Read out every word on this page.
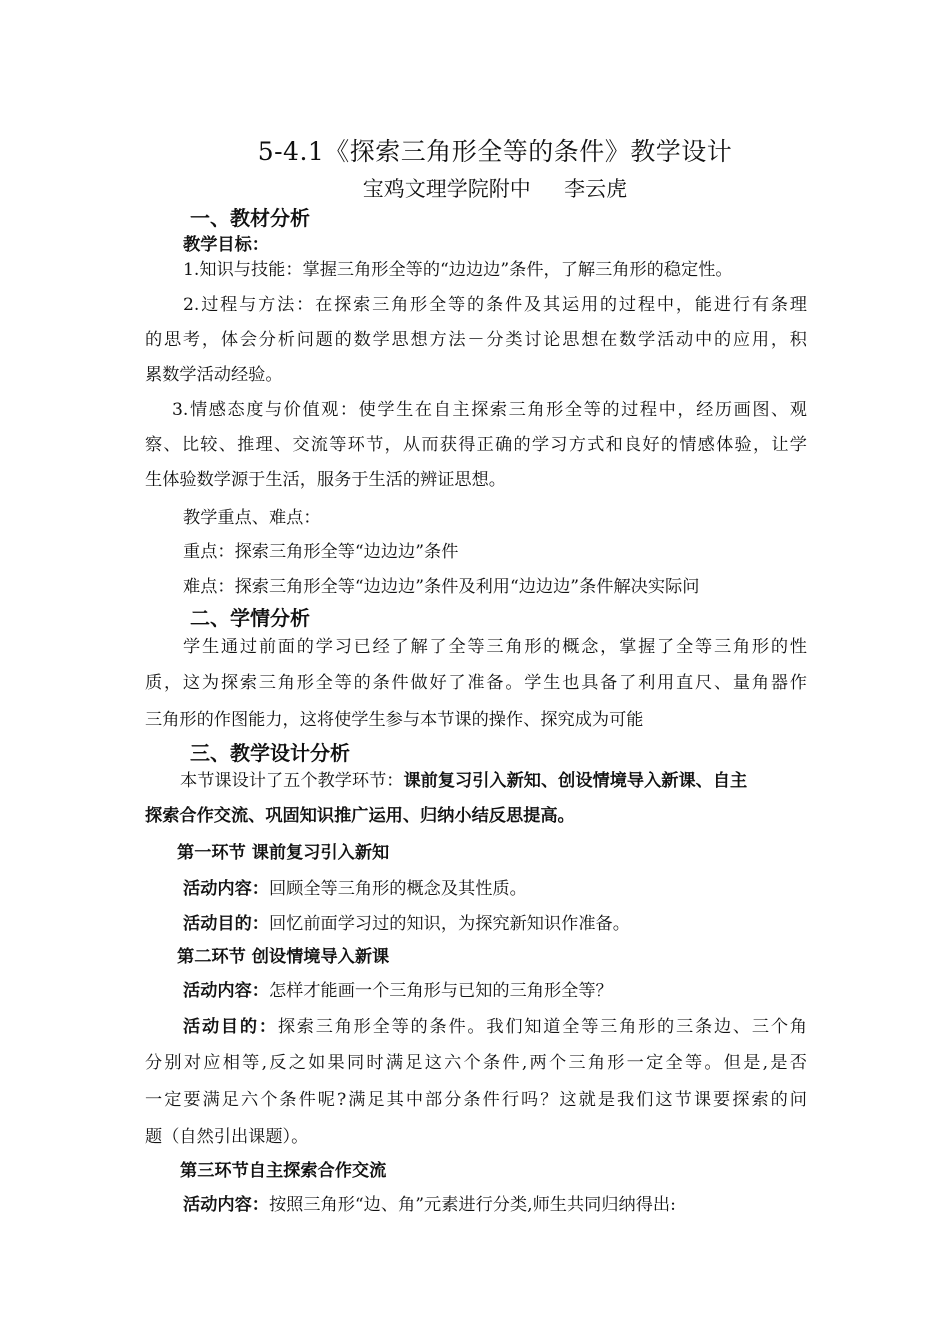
5-4.1《探索三角形全等的条件》教学设计
宝鸡文理学院附中     李云虎
一、教材分析
教学目标：
1.知识与技能：掌握三角形全等的“边边边”条件，了解三角形的稳定性。
2.过程与方法：在探索三角形全等的条件及其运用的过程中，能进行有条理
的思考，体会分析问题的数学思想方法－分类讨论思想在数学活动中的应用，积
累数学活动经验。
3.情感态度与价值观：使学生在自主探索三角形全等的过程中，经历画图、观
察、比较、推理、交流等环节，从而获得正确的学习方式和良好的情感体验，让学
生体验数学源于生活，服务于生活的辨证思想。
教学重点、难点：
重点：探索三角形全等“边边边”条件
难点：探索三角形全等“边边边”条件及利用“边边边”条件解决实际问
二、学情分析
学生通过前面的学习已经了解了全等三角形的概念，掌握了全等三角形的性
质，这为探索三角形全等的条件做好了准备。学生也具备了利用直尺、量角器作
三角形的作图能力，这将使学生参与本节课的操作、探究成为可能
三、教学设计分析
本节课设计了五个教学环节：课前复习引入新知、创设情境导入新课、自主
探索合作交流、巩固知识推广运用、归纳小结反思提高。
第一环节 课前复习引入新知
活动内容：回顾全等三角形的概念及其性质。
活动目的：回忆前面学习过的知识，为探究新知识作准备。
第二环节 创设情境导入新课
活动内容：怎样才能画一个三角形与已知的三角形全等？
活动目的：探索三角形全等的条件。我们知道全等三角形的三条边、三个角
分别对应相等,反之如果同时满足这六个条件,两个三角形一定全等。但是,是否
一定要满足六个条件呢?满足其中部分条件行吗？这就是我们这节课要探索的问
题（自然引出课题）。
第三环节自主探索合作交流
活动内容：按照三角形“边、角”元素进行分类,师生共同归纳得出:
